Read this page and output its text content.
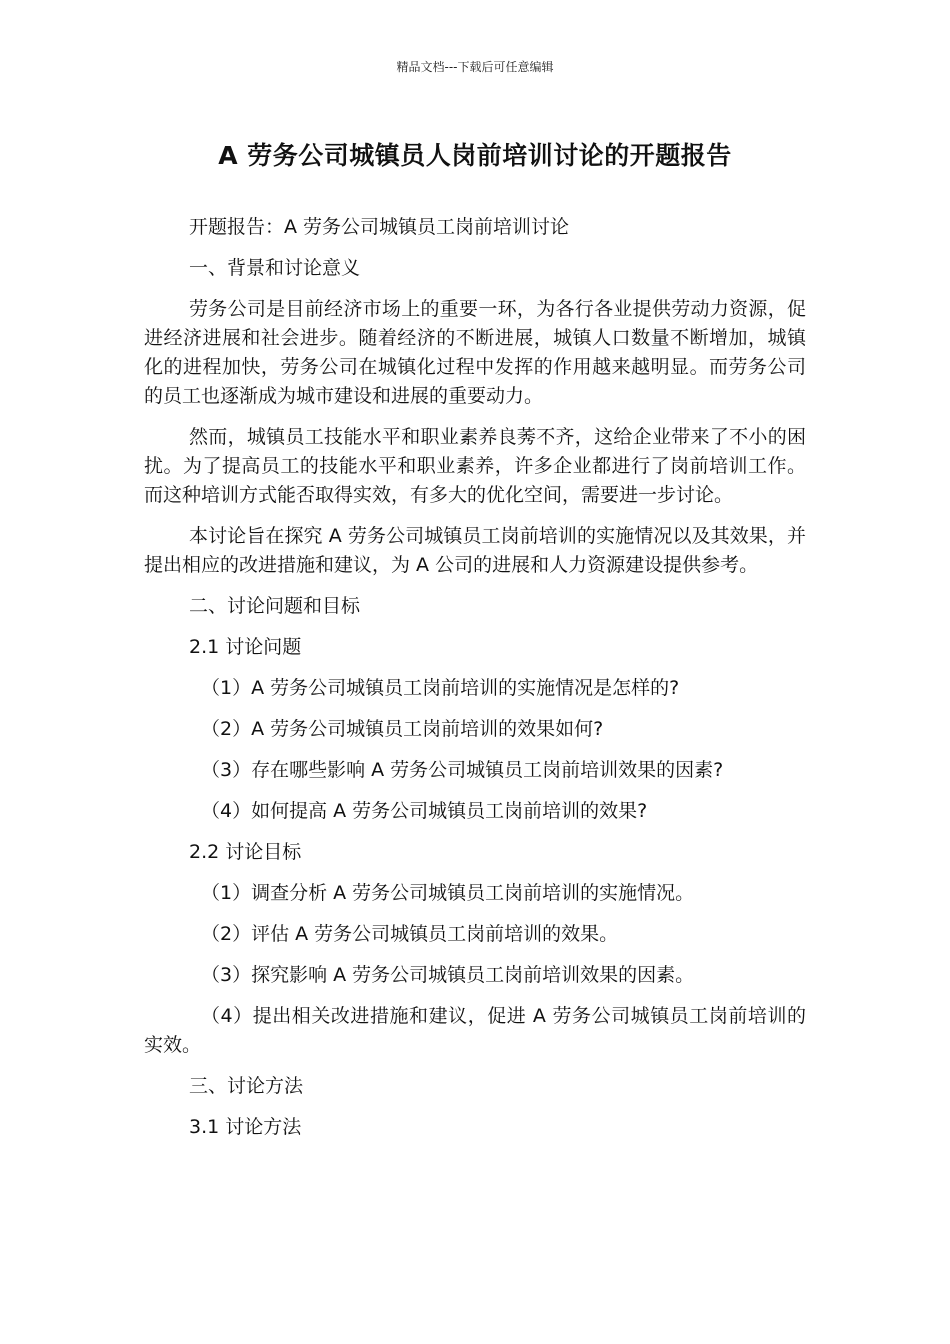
精品文档---下载后可任意编辑
A 劳务公司城镇员人岗前培训讨论的开题报告

开题报告：A 劳务公司城镇员工岗前培训讨论

一、背景和讨论意义

劳务公司是目前经济市场上的重要一环，为各行各业提供劳动力资源，促进经济进展和社会进步。随着经济的不断进展，城镇人口数量不断增加，城镇化的进程加快，劳务公司在城镇化过程中发挥的作用越来越明显。而劳务公司的员工也逐渐成为城市建设和进展的重要动力。

然而，城镇员工技能水平和职业素养良莠不齐，这给企业带来了不小的困扰。为了提高员工的技能水平和职业素养，许多企业都进行了岗前培训工作。而这种培训方式能否取得实效，有多大的优化空间，需要进一步讨论。

本讨论旨在探究 A 劳务公司城镇员工岗前培训的实施情况以及其效果，并提出相应的改进措施和建议，为 A 公司的进展和人力资源建设提供参考。

二、讨论问题和目标

2.1 讨论问题

（1）A 劳务公司城镇员工岗前培训的实施情况是怎样的?

（2）A 劳务公司城镇员工岗前培训的效果如何?

（3）存在哪些影响 A 劳务公司城镇员工岗前培训效果的因素?

（4）如何提高 A 劳务公司城镇员工岗前培训的效果?

2.2 讨论目标

（1）调查分析 A 劳务公司城镇员工岗前培训的实施情况。

（2）评估 A 劳务公司城镇员工岗前培训的效果。

（3）探究影响 A 劳务公司城镇员工岗前培训效果的因素。

（4）提出相关改进措施和建议，促进 A 劳务公司城镇员工岗前培训的实效。

三、讨论方法

3.1 讨论方法
